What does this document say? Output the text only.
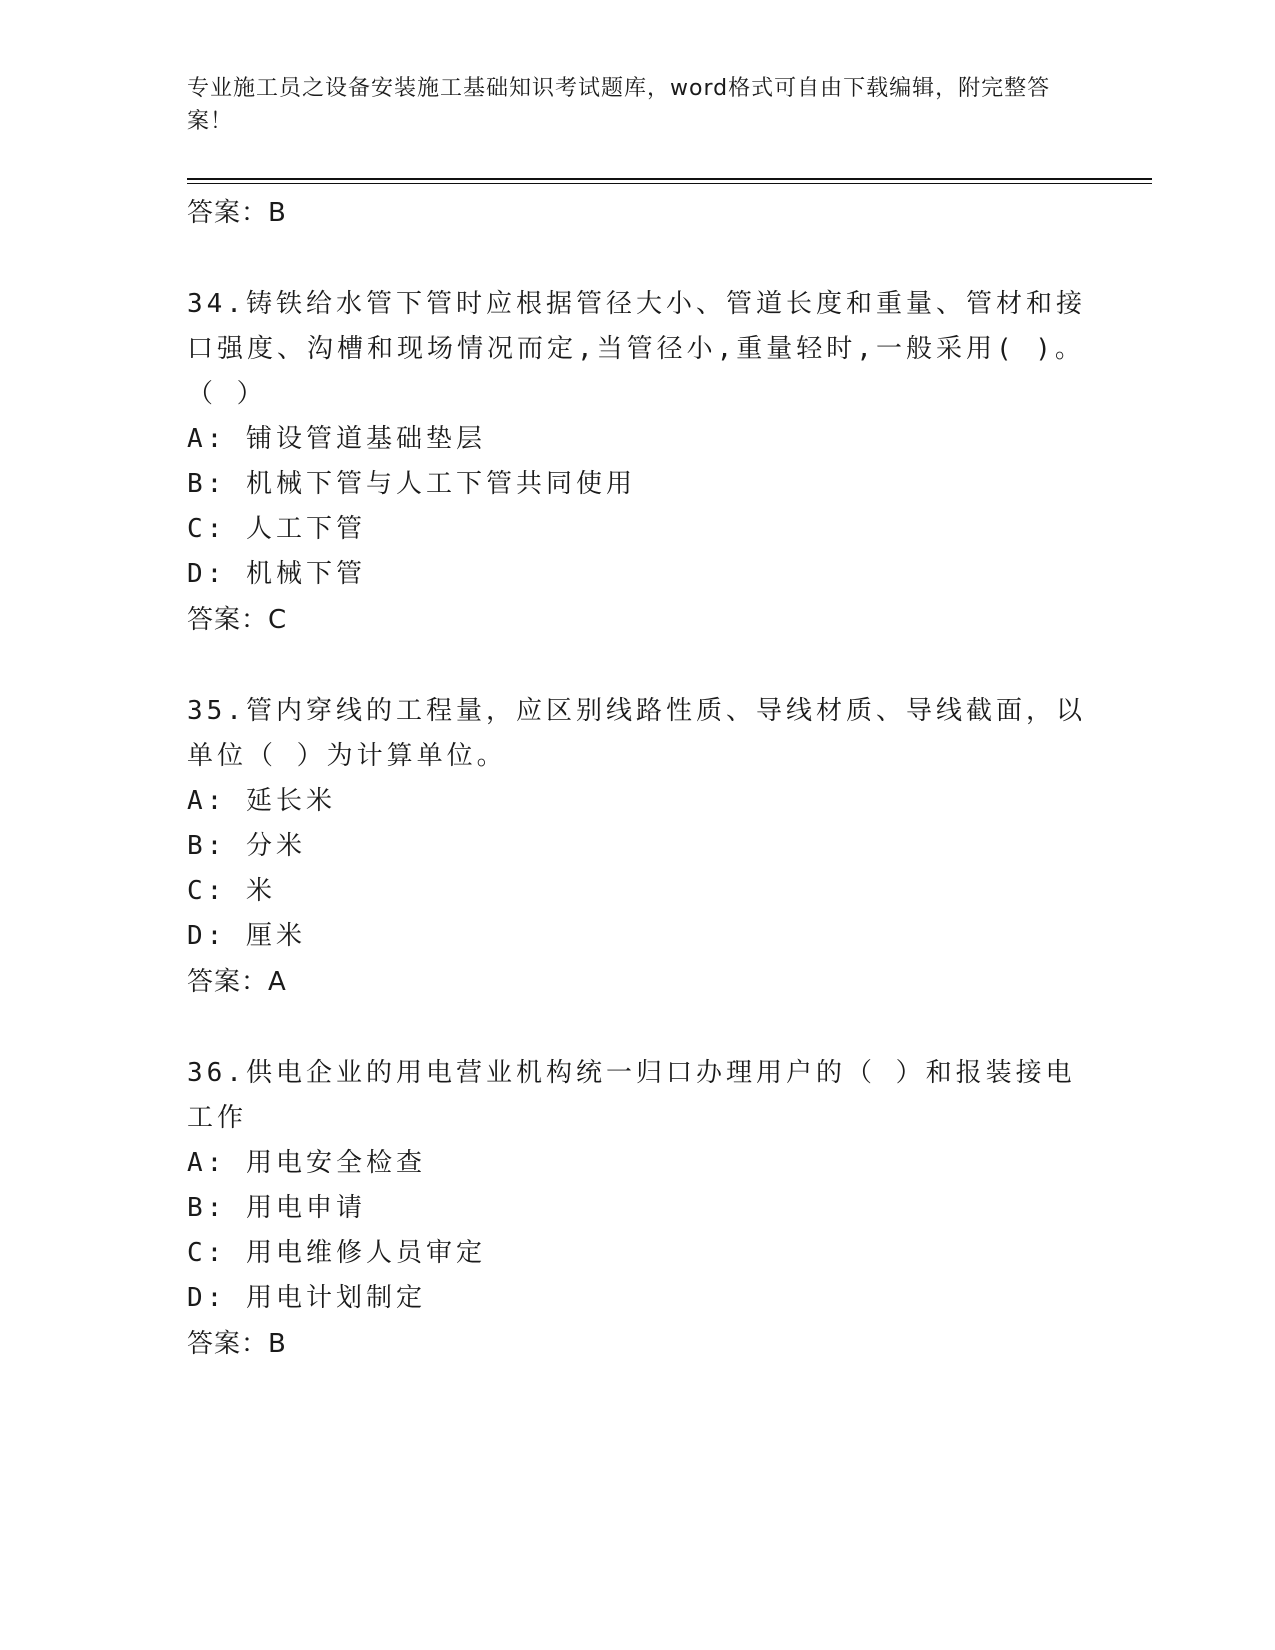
专业施工员之设备安装施工基础知识考试题库，word格式可自由下载编辑，附完整答案！
答案：B
34.铸铁给水管下管时应根据管径大小、管道长度和重量、管材和接口强度、沟槽和现场情况而定,当管径小,重量轻时,一般采用( )。（ ）
A: 铺设管道基础垫层
B: 机械下管与人工下管共同使用
C: 人工下管
D: 机械下管
答案：C
35.管内穿线的工程量，应区别线路性质、导线材质、导线截面，以单位（ ）为计算单位。
A: 延长米
B: 分米
C: 米
D: 厘米
答案：A
36.供电企业的用电营业机构统一归口办理用户的（ ）和报装接电工作
A: 用电安全检查
B: 用电申请
C: 用电维修人员审定
D: 用电计划制定
答案：B
